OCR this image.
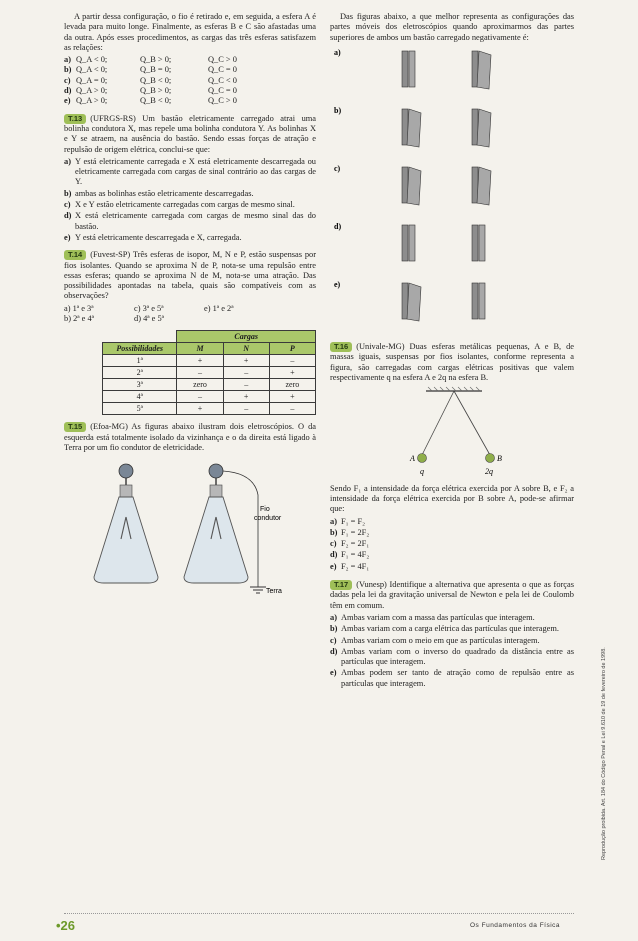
A partir dessa configuração, o fio é retirado e, em seguida, a esfera A é levada para muito longe. Finalmente, as esferas B e C são afastadas uma da outra. Após esses procedimentos, as cargas das três esferas satisfazem as relações:

a) Q_A < 0;	Q_B > 0;	Q_C > 0
b) Q_A < 0;	Q_B = 0;	Q_C = 0
c) Q_A = 0;	Q_B < 0;	Q_C < 0
d) Q_A > 0;	Q_B > 0;	Q_C = 0
e) Q_A > 0;	Q_B < 0;	Q_C > 0

T.13 (UFRGS-RS) Um bastão eletricamente carregado atrai uma bolinha condutora X, mas repele uma bolinha condutora Y. As bolinhas X e Y se atraem, na ausência do bastão. Sendo essas forças de atração e repulsão de origem elétrica, conclui-se que:

a) Y está eletricamente carregada e X está eletricamente descarregada ou eletricamente carregada com cargas de sinal contrário ao das cargas de Y.
b) ambas as bolinhas estão eletricamente descarregadas.
c) X e Y estão eletricamente carregadas com cargas de mesmo sinal.
d) X está eletricamente carregada com cargas de mesmo sinal das do bastão.
e) Y está eletricamente descarregada e X, carregada.

T.14 (Fuvest-SP) Três esferas de isopor, M, N e P, estão suspensas por fios isolantes. Quando se aproxima N de P, nota-se uma repulsão entre essas esferas; quando se aproxima N de M, nota-se uma atração. Das possibilidades apontadas na tabela, quais são compatíveis com as observações?

a) 1ª e 3ª	c) 3ª e 5ª	e) 1ª e 2ª
b) 2ª e 4ª	d) 4ª e 5ª
	Cargas		
Possibilidades	M	N	P
1ª	+	+	–
2ª	–	–	+
3ª	zero	–	zero
4ª	–	+	+
5ª	+	–	–

T.15 (Efoa-MG) As figuras abaixo ilustram dois eletroscópios. O da esquerda está totalmente isolado da vizinhança e o da direita está ligado à Terra por um fio condutor de eletricidade.

Fio
condutor
Terra

Das figuras abaixo, a que melhor representa as configurações das partes móveis dos eletroscópios quando aproximarmos das partes superiores de ambos um bastão carregado negativamente é:

a)
b)
c)
d)
e)

T.16 (Univale-MG) Duas esferas metálicas pequenas, A e B, de massas iguais, suspensas por fios isolantes, conforme representa a figura, são carregadas com cargas elétricas positivas que valem respectivamente q na esfera A e 2q na esfera B.

A	B
q	2q

Sendo F₁ a intensidade da força elétrica exercida por A sobre B, e F₂ a intensidade da força elétrica exercida por B sobre A, pode-se afirmar que:

a) F₁ = F₂
b) F₁ = 2F₂
c) F₂ = 2F₁
d) F₁ = 4F₂
e) F₂ = 4F₁

T.17 (Vunesp) Identifique a alternativa que apresenta o que as forças dadas pela lei da gravitação universal de Newton e pela lei de Coulomb têm em comum.

a) Ambas variam com a massa das partículas que interagem.
b) Ambas variam com a carga elétrica das partículas que interagem.
c) Ambas variam com o meio em que as partículas interagem.
d) Ambas variam com o inverso do quadrado da distância entre as partículas que interagem.
e) Ambas podem ser tanto de atração como de repulsão entre as partículas que interagem.
•26	Os Fundamentos da Física
Reprodução proibida. Art. 184 do Código Penal e Lei 9.610 de 19 de fevereiro de 1998.
